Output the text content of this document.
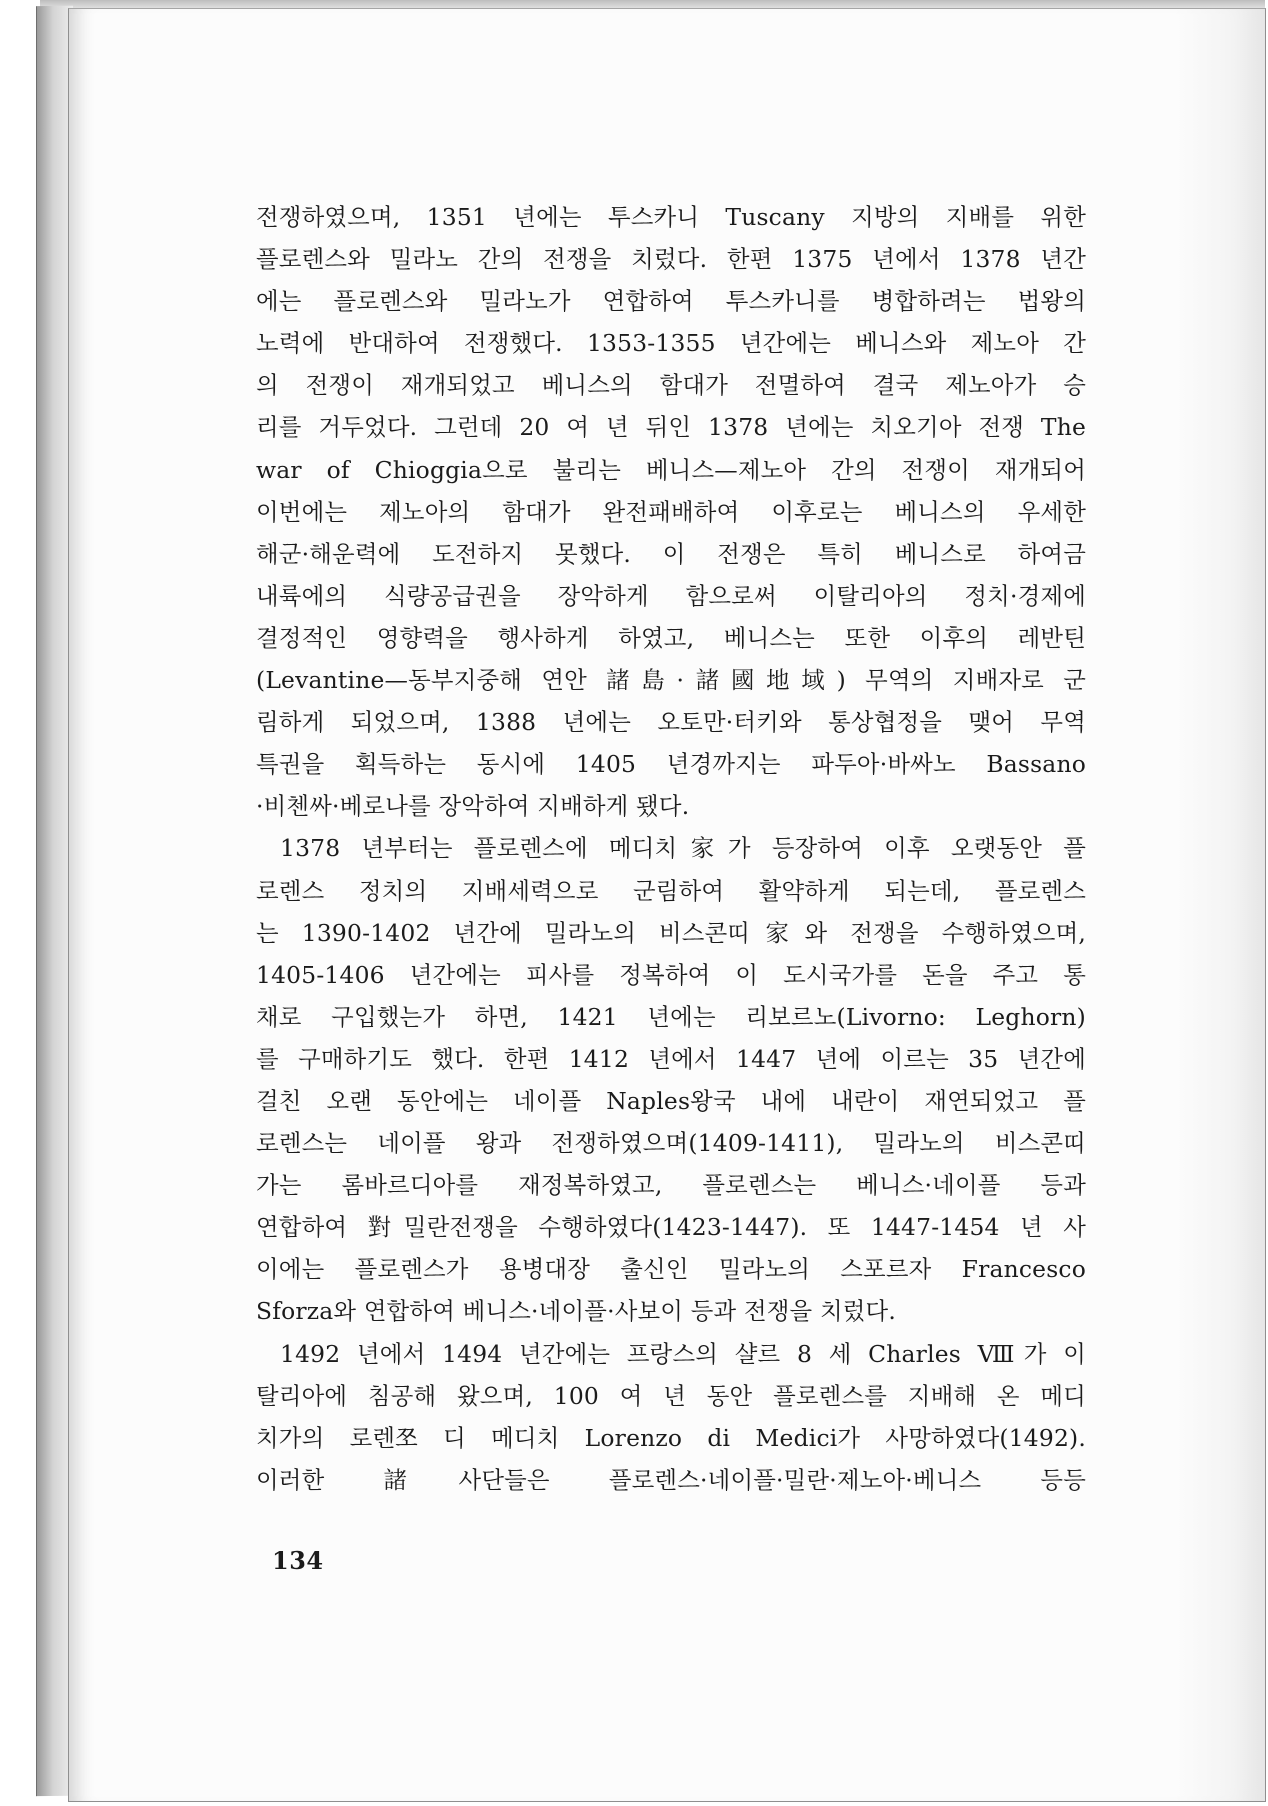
전쟁하였으며, 1351 년에는 투스카니 Tuscany 지방의 지배를 위한
플로렌스와 밀라노 간의 전쟁을 치렀다. 한편 1375 년에서 1378 년간
에는 플로렌스와 밀라노가 연합하여 투스카니를 병합하려는 법왕의
노력에 반대하여 전쟁했다. 1353-1355 년간에는 베니스와 제노아 간
의 전쟁이 재개되었고 베니스의 함대가 전멸하여 결국 제노아가 승
리를 거두었다. 그런데 20 여 년 뒤인 1378 년에는 치오기아 전쟁 The
war of Chioggia으로 불리는 베니스—제노아 간의 전쟁이 재개되어
이번에는 제노아의 함대가 완전패배하여 이후로는 베니스의 우세한
해군·해운력에 도전하지 못했다. 이 전쟁은 특히 베니스로 하여금
내륙에의 식량공급권을 장악하게 함으로써 이탈리아의 정치·경제에
결정적인 영향력을 행사하게 하였고, 베니스는 또한 이후의 레반틴
(Levantine—동부지중해 연안 諸島·諸國地域) 무역의 지배자로 군
림하게 되었으며, 1388 년에는 오토만·터키와 통상협정을 맺어 무역
특권을 획득하는 동시에 1405 년경까지는 파두아·바싸노 Bassano
·비첸싸·베로나를 장악하여 지배하게 됐다.
1378 년부터는 플로렌스에 메디치家가 등장하여 이후 오랫동안 플
로렌스 정치의 지배세력으로 군림하여 활약하게 되는데, 플로렌스
는 1390-1402 년간에 밀라노의 비스콘띠家와 전쟁을 수행하였으며,
1405-1406 년간에는 피사를 정복하여 이 도시국가를 돈을 주고 통
채로 구입했는가 하면, 1421 년에는 리보르노(Livorno: Leghorn)
를 구매하기도 했다. 한편 1412 년에서 1447 년에 이르는 35 년간에
걸친 오랜 동안에는 네이플 Naples왕국 내에 내란이 재연되었고 플
로렌스는 네이플 왕과 전쟁하였으며(1409-1411), 밀라노의 비스콘띠
가는 롬바르디아를 재정복하였고, 플로렌스는 베니스·네이플 등과
연합하여 對밀란전쟁을 수행하였다(1423-1447). 또 1447-1454 년 사
이에는 플로렌스가 용병대장 출신인 밀라노의 스포르자 Francesco
Sforza와 연합하여 베니스·네이플·사보이 등과 전쟁을 치렀다.
1492 년에서 1494 년간에는 프랑스의 샬르 8 세 Charles Ⅷ가 이
탈리아에 침공해 왔으며, 100 여 년 동안 플로렌스를 지배해 온 메디
치가의 로렌쪼 디 메디치 Lorenzo di Medici가 사망하였다(1492).
이러한 諸사단들은 플로렌스·네이플·밀란·제노아·베니스 등등
134
